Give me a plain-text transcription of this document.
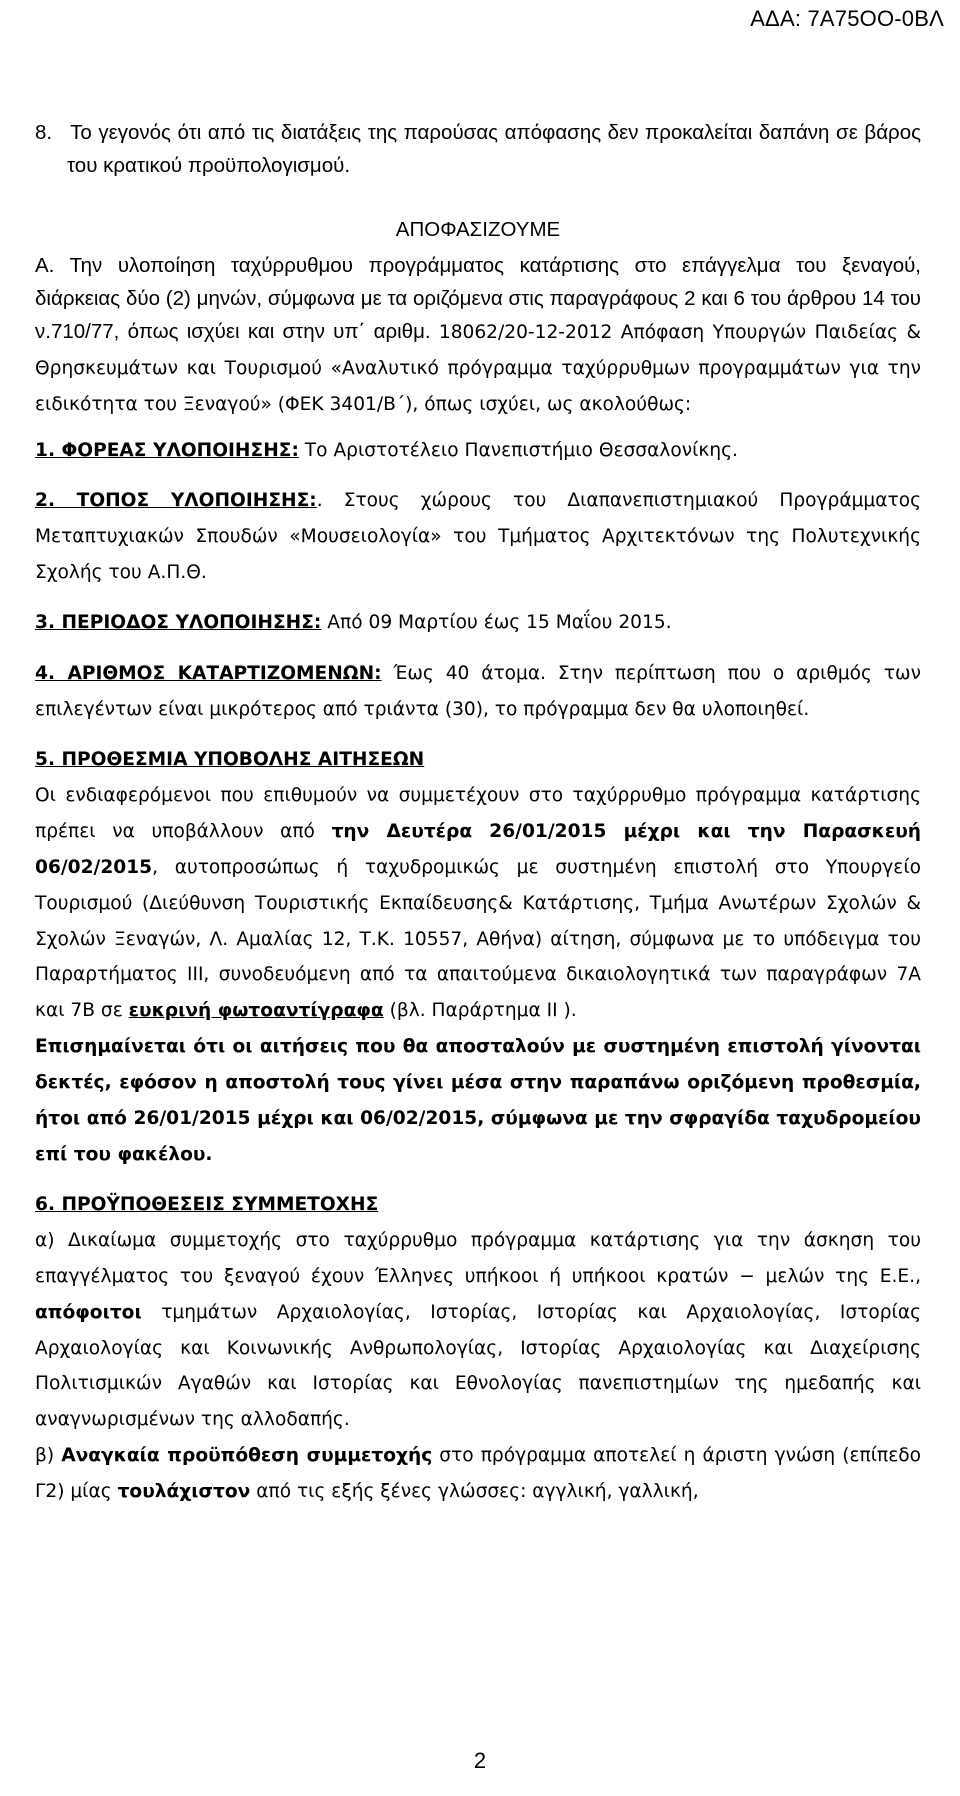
ΑΔΑ: 7Α75ΟΟ-0ΒΛ

8. Το γεγονός ότι από τις διατάξεις της παρούσας απόφασης δεν προκαλείται δαπάνη σε βάρος του κρατικού προϋπολογισμού.

ΑΠΟΦΑΣΙΖΟΥΜΕ

Α. Την υλοποίηση ταχύρρυθμου προγράμματος κατάρτισης στο επάγγελμα του ξεναγού, διάρκειας δύο (2) μηνών, σύμφωνα με τα οριζόμενα στις παραγράφους 2 και 6 του άρθρου 14 του ν.710/77, όπως ισχύει και στην υπ΄ αριθμ. 18062/20-12-2012 Απόφαση Υπουργών Παιδείας & Θρησκευμάτων και Τουρισμού «Αναλυτικό πρόγραμμα ταχύρρυθμων προγραμμάτων για την ειδικότητα του Ξεναγού» (ΦΕΚ 3401/Β΄), όπως ισχύει, ως ακολούθως:

1. ΦΟΡΕΑΣ ΥΛΟΠΟΙΗΣΗΣ: Το Αριστοτέλειο Πανεπιστήμιο Θεσσαλονίκης.

2. ΤΟΠΟΣ ΥΛΟΠΟΙΗΣΗΣ:. Στους χώρους του Διαπανεπιστημιακού Προγράμματος Μεταπτυχιακών Σπουδών «Μουσειολογία» του Τμήματος Αρχιτεκτόνων της Πολυτεχνικής Σχολής του Α.Π.Θ.

3. ΠΕΡΙΟΔΟΣ ΥΛΟΠΟΙΗΣΗΣ: Από 09 Μαρτίου έως 15 Μαΐου 2015.

4. ΑΡΙΘΜΟΣ ΚΑΤΑΡΤΙΖΟΜΕΝΩΝ: Έως 40 άτομα. Στην περίπτωση που ο αριθμός των επιλεγέντων είναι μικρότερος από τριάντα (30), το πρόγραμμα δεν θα υλοποιηθεί.

5. ΠΡΟΘΕΣΜΙΑ ΥΠΟΒΟΛΗΣ ΑΙΤΗΣΕΩΝ

Οι ενδιαφερόμενοι που επιθυμούν να συμμετέχουν στο ταχύρρυθμο πρόγραμμα κατάρτισης πρέπει να υποβάλλουν από την Δευτέρα 26/01/2015 μέχρι και την Παρασκευή 06/02/2015, αυτοπροσώπως ή ταχυδρομικώς με συστημένη επιστολή στο Υπουργείο Τουρισμού (Διεύθυνση Τουριστικής Εκπαίδευσης& Κατάρτισης, Τμήμα Ανωτέρων Σχολών & Σχολών Ξεναγών, Λ. Αμαλίας 12, Τ.Κ. 10557, Αθήνα) αίτηση, σύμφωνα με το υπόδειγμα του Παραρτήματος ΙΙΙ, συνοδευόμενη από τα απαιτούμενα δικαιολογητικά των παραγράφων 7Α και 7Β σε ευκρινή φωτοαντίγραφα (βλ. Παράρτημα ΙΙ ).

Επισημαίνεται ότι οι αιτήσεις που θα αποσταλούν με συστημένη επιστολή γίνονται δεκτές, εφόσον η αποστολή τους γίνει μέσα στην παραπάνω οριζόμενη προθεσμία, ήτοι από 26/01/2015 μέχρι και 06/02/2015, σύμφωνα με την σφραγίδα ταχυδρομείου επί του φακέλου.

6. ΠΡΟΫΠΟΘΕΣΕΙΣ ΣΥΜΜΕΤΟΧΗΣ

α) Δικαίωμα συμμετοχής στο ταχύρρυθμο πρόγραμμα κατάρτισης για την άσκηση του επαγγέλματος του ξεναγού έχουν Έλληνες υπήκοοι ή υπήκοοι κρατών − μελών της Ε.Ε., απόφοιτοι τμημάτων Αρχαιολογίας, Ιστορίας, Ιστορίας και Αρχαιολογίας, Ιστορίας Αρχαιολογίας και Κοινωνικής Ανθρωπολογίας, Ιστορίας Αρχαιολογίας και Διαχείρισης Πολιτισμικών Αγαθών και Ιστορίας και Εθνολογίας πανεπιστημίων της ημεδαπής και αναγνωρισμένων της αλλοδαπής.

β) Αναγκαία προϋπόθεση συμμετοχής στο πρόγραμμα αποτελεί η άριστη γνώση (επίπεδο Γ2) μίας τουλάχιστον από τις εξής ξένες γλώσσες: αγγλική, γαλλική,

2
